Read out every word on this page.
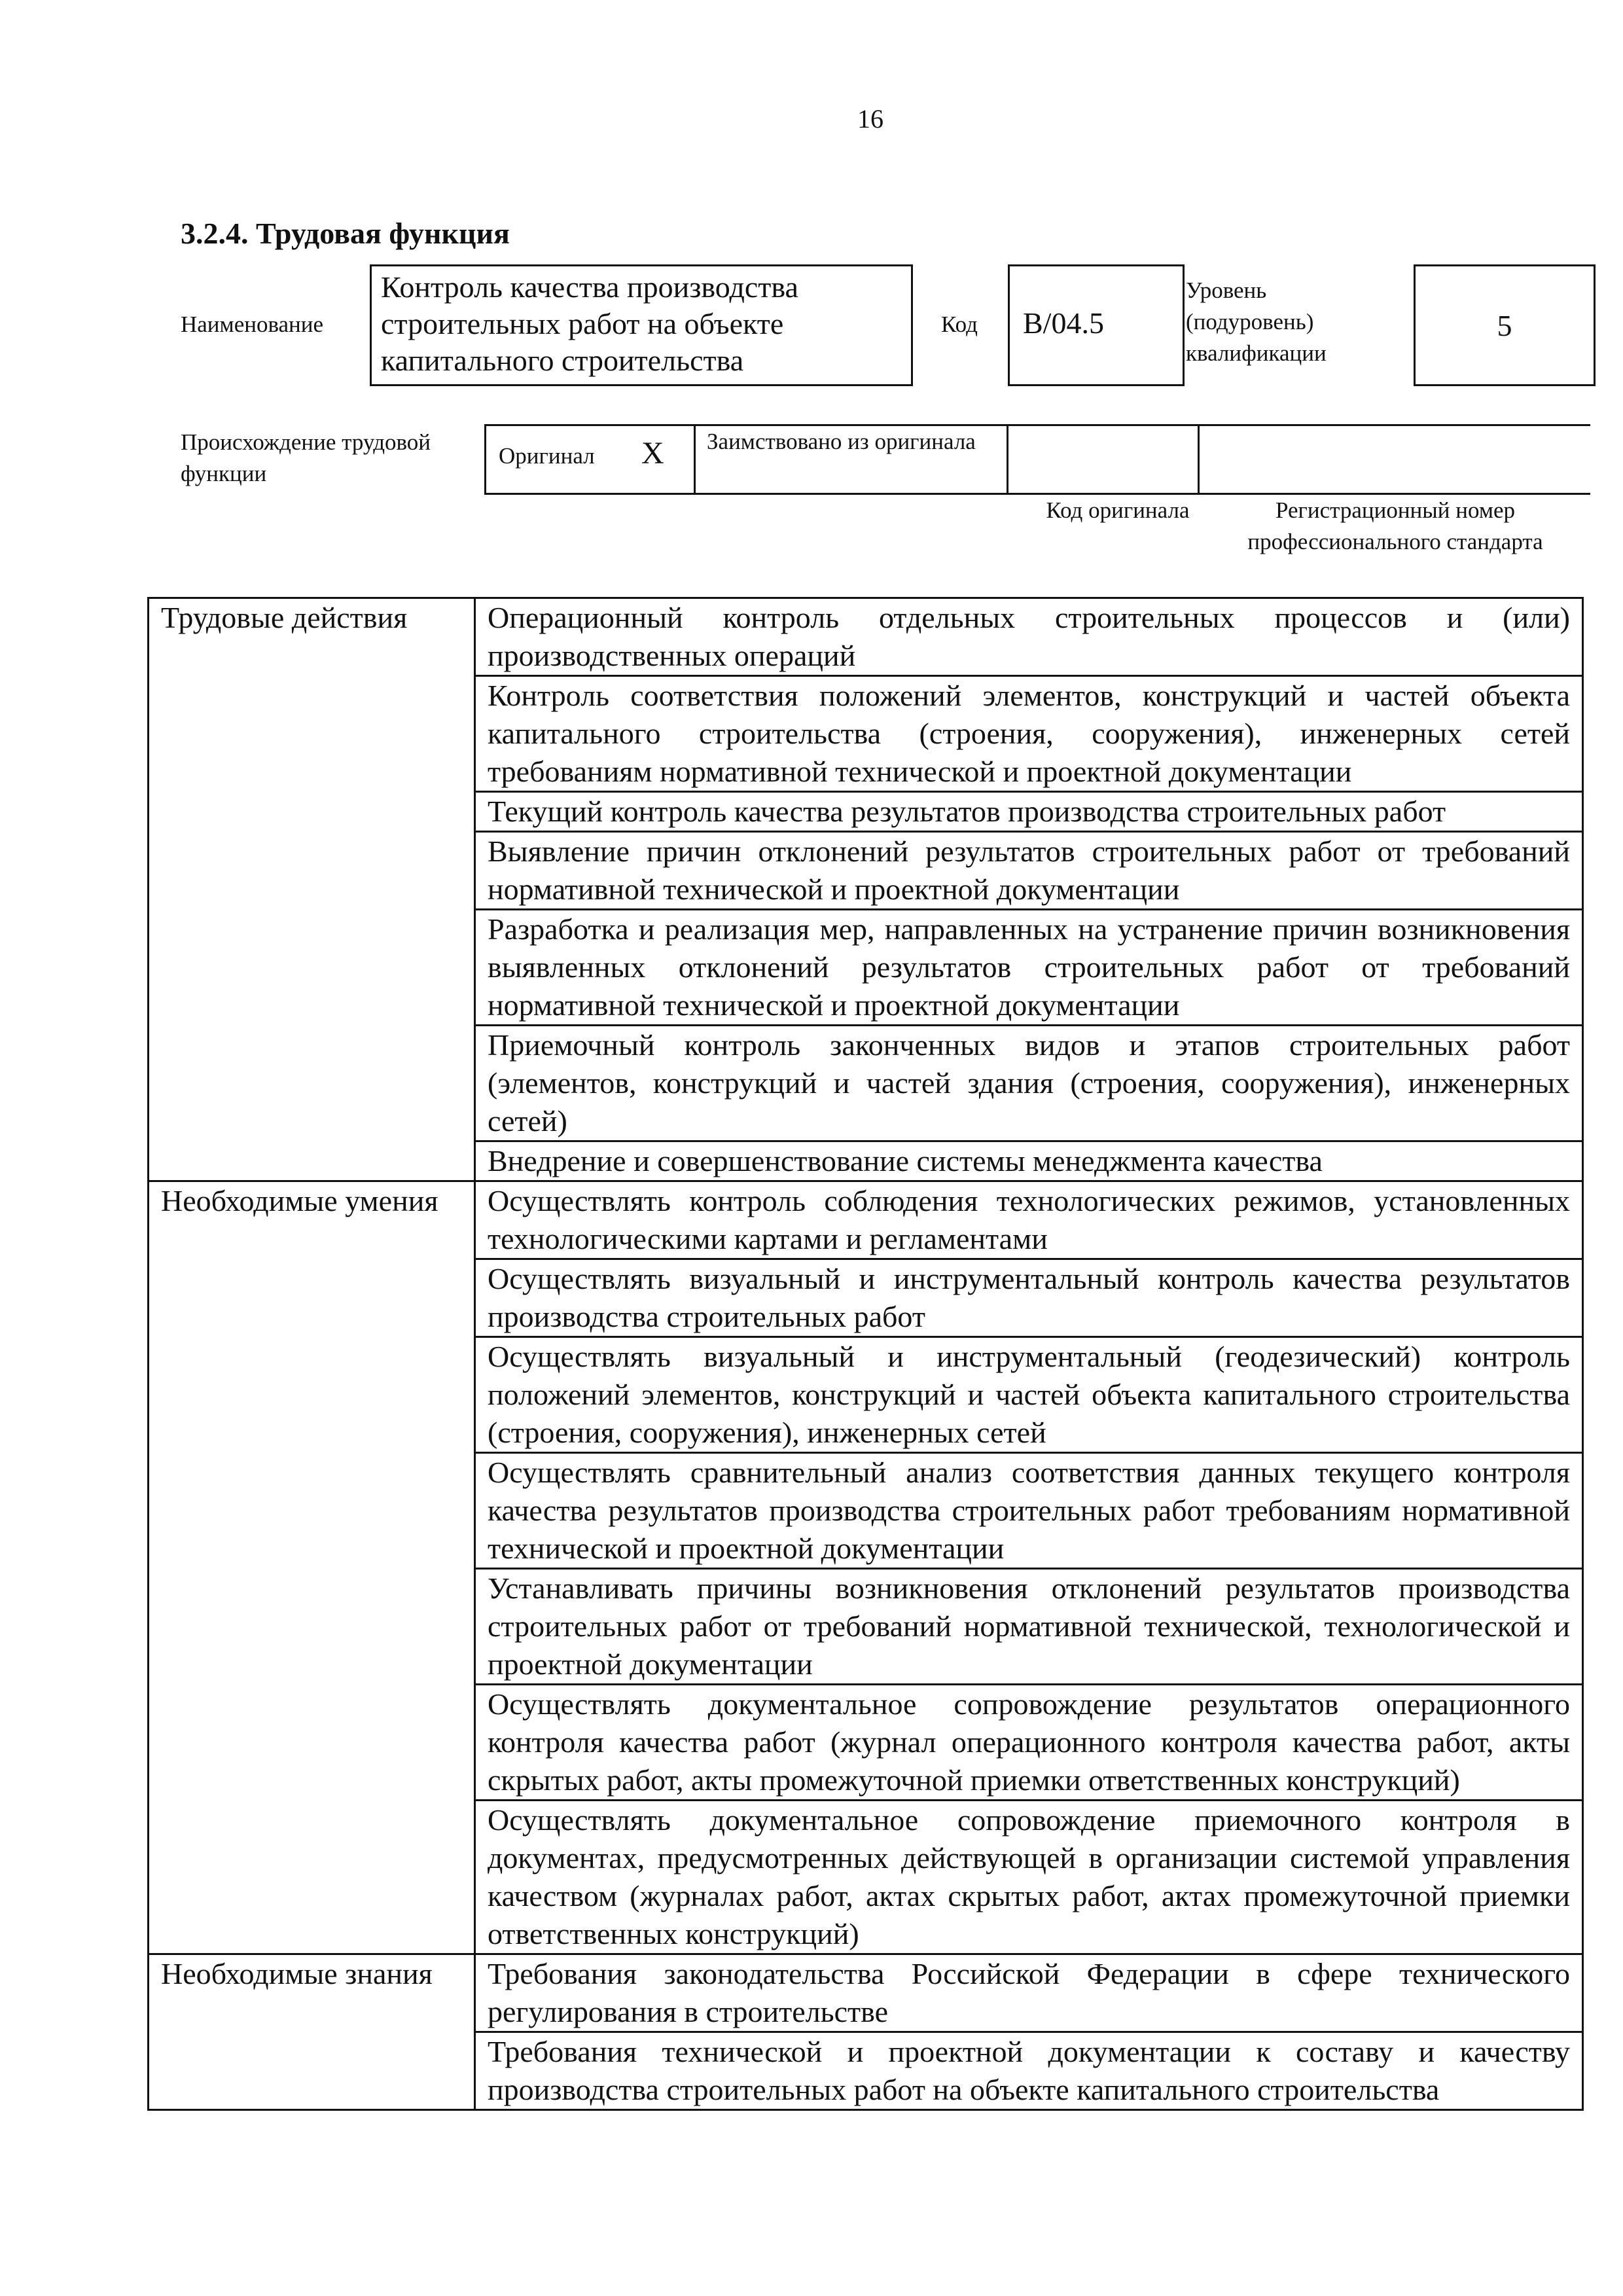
16
3.2.4. Трудовая функция
Наименование
Контроль качества производства строительных работ на объекте капитального строительства
Код	B/04.5
Уровень (подуровень) квалификации
5
Происхождение трудовой функции
Оригинал X Заимствовано из оригинала
Код оригинала	Регистрационный номер профессионального стандарта
Трудовые действия	Операционный контроль отдельных строительных процессов и (или) производственных операций
	Контроль соответствия положений элементов, конструкций и частей объекта капитального строительства (строения, сооружения), инженерных сетей требованиям нормативной технической и проектной документации
	Текущий контроль качества результатов производства строительных работ
	Выявление причин отклонений результатов строительных работ от требований нормативной технической и проектной документации
	Разработка и реализация мер, направленных на устранение причин возникновения выявленных отклонений результатов строительных работ от требований нормативной технической и проектной документации
	Приемочный контроль законченных видов и этапов строительных работ (элементов, конструкций и частей здания (строения, сооружения), инженерных сетей)
	Внедрение и совершенствование системы менеджмента качества
Необходимые умения	Осуществлять контроль соблюдения технологических режимов, установленных технологическими картами и регламентами
	Осуществлять визуальный и инструментальный контроль качества результатов производства строительных работ
	Осуществлять визуальный и инструментальный (геодезический) контроль положений элементов, конструкций и частей объекта капитального строительства (строения, сооружения), инженерных сетей
	Осуществлять сравнительный анализ соответствия данных текущего контроля качества результатов производства строительных работ требованиям нормативной технической и проектной документации
	Устанавливать причины возникновения отклонений результатов производства строительных работ от требований нормативной технической, технологической и проектной документации
	Осуществлять документальное сопровождение результатов операционного контроля качества работ (журнал операционного контроля качества работ, акты скрытых работ, акты промежуточной приемки ответственных конструкций)
	Осуществлять документальное сопровождение приемочного контроля в документах, предусмотренных действующей в организации системой управления качеством (журналах работ, актах скрытых работ, актах промежуточной приемки ответственных конструкций)
Необходимые знания	Требования законодательства Российской Федерации в сфере технического регулирования в строительстве
	Требования технической и проектной документации к составу и качеству производства строительных работ на объекте капитального строительства
